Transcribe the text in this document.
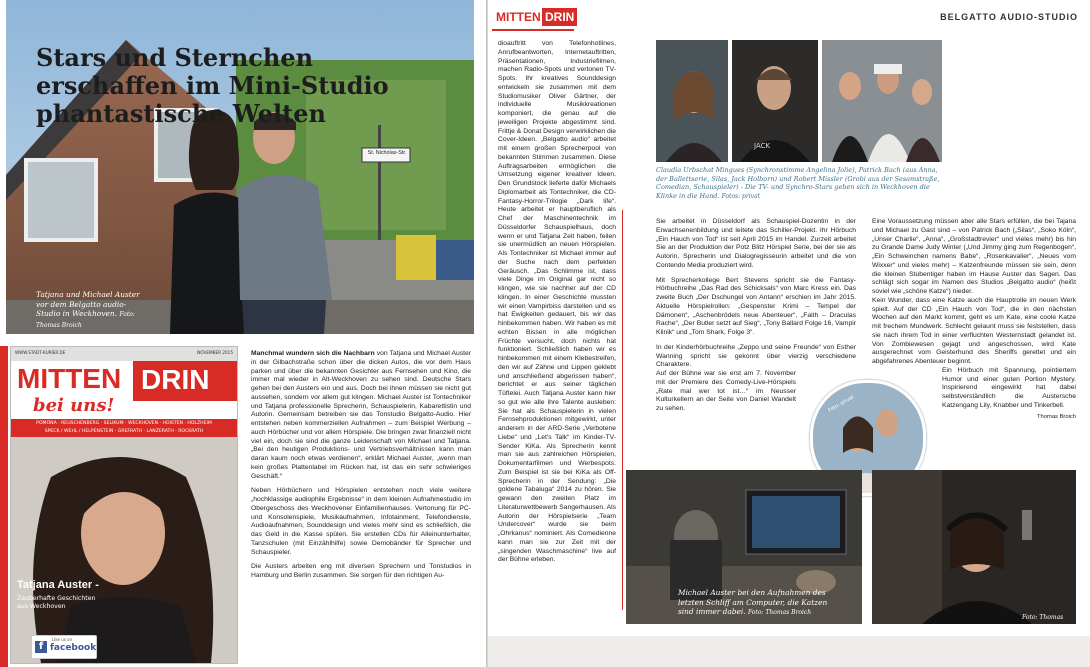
St. Nicholas-Str.
Stars und Sternchen erschaffen im Mini-Studio phantastische Welten
Tatjana und Michael Auster vor dem Belgatto audio-Studio in Weckhoven. Foto: Thomas Broich
WWW.STADT-KURIER.DE	NOVEMBER 2015
MITTEN DRIN
bei uns!
POMONA · REUSCHENBERG · SELIKUM · WECKHOVEN · HOISTEN · HOLZHEIM
SPECK / WEHL / HELPENSTEIN · GREFRATH · LANZERATH · ROCKRATH
Tatjana Auster -
Zauberhafte Geschichten aus Weckhoven
Like us on
f facebook

Manchmal wundern sich die Nachbarn von Tatjana und Michael Auster in der Gilbachstraße schon über die dicken Autos, die vor dem Haus parken und über die bekannten Gesichter aus Fernsehen und Kino, die immer mal wieder in Alt-Weckhoven zu sehen sind. Deutsche Stars gehen bei den Austers ein und aus. Doch bei ihnen müssen sie nicht gut aussehen, sondern vor allem gut klingen. Michael Auster ist Tontechniker und Tatjana professionelle Sprecherin, Schauspielerin, Kabarettistin und Autorin. Gemeinsam betreiben sie das Tonstudio Belgatto-Audio. Hier entstehen neben kommerziellen Aufnahmen – zum Beispiel Werbung – auch Hörbücher und vor allem Hörspiele. Die bringen zwar finanziell nicht viel ein, doch sie sind die ganze Leidenschaft von Michael und Tatjana. „Bei den heutigen Produktions- und Vertriebsverhältnissen kann man daran kaum noch etwas verdienen“, erklärt Michael Auster, „wenn man kein großes Plattenlabel im Rücken hat, ist das ein sehr schwieriges Geschäft.“

Neben Hörbüchern und Hörspielen entstehen noch viele weitere „hochklassige audiophile Ergebnisse“ in dem kleinen Aufnahmestudio im Obergeschoss des Weckhovener Einfamilienhauses. Vertonung für PC- und Konsolenspiele, Musikaufnahmen, Infotainment, Telefondienste, Audioaufnahmen, Sounddesign und vieles mehr sind es schließlich, die das Geld in die Kasse spülen. Sie erstellen CDs für Alleinunterhalter, Tanzschulen (mit Einzählhilfe) sowie Demobänder für Sprecher und Schauspieler.

Die Austers arbeiten eng mit diversen Sprechern und Tonstudios in Hamburg und Berlin zusammen. Sie sorgen für den richtigen Au-

MITTEN DRIN
dioauftritt von Telefonhotlines, Anrufbeantworten, Internetauftritten, Präsentationen, Industriefilmen, machen Radio-Spots und vertonen TV-Spots. Ihr kreatives Sounddesign entwickeln sie zusammen mit dem Studiomusiker Oliver Gärtner, der individuelle Musikkreationen komponiert, die genau auf die jeweiligen Projekte abgestimmt sind. Frittje & Donat Design verwirklichen die Cover-Ideen. „Belgatto audio“ arbeitet mit einem großen Sprecherpool von bekannten Stimmen zusammen. Diese Auftragsarbeiten ermöglichen die Umsetzung eigener kreativer Ideen. Den Grundstock lieferte dafür Michaels Diplomarbeit als Tontechniker, die CD-Fantasy-Horror-Trilogie „Dark life“. Heute arbeitet er hauptberuflich als Chef der Maschinentechnik im Düsseldorfer Schauspielhaus, doch wenn er und Tatjana Zeit haben, feilen sie unermüdlich an neuen Hörspielen. Als Tontechniker ist Michael immer auf der Suche nach dem perfekten Geräusch. „Das Schlimme ist, dass viele Dinge im Original gar nicht so klingen, wie sie nachher auf der CD klingen. In einer Geschichte mussten wir einen Vampirbiss darstellen und es hat Ewigkeiten gedauert, bis wir das hinbekommen haben. Wir haben es mit echten Bissen in alle möglichen Früchte versucht, doch nichts hat funktioniert. Schließlich haben wir es hinbekommen mit einem Klebestreifen, den wir auf Zähne und Lippen geklebt und anschließend abgerissen haben“, berichtet er aus seiner täglichen Tüftelei. Auch Tatjana Auster kann hier so gut wie alle ihre Talente ausleben: Sie hat als Schauspielerin in vielen Fernsehproduktionen mitgewirkt, unter anderem in der ARD-Serie „Verbotene Liebe“ und „Let's Talk“ im Kinder-TV-Sender KiKa. Als Sprecherin kennt man sie aus zahlreichen Hörspielen, Dokumentarfilmen und Werbespots. Zum Beispiel ist sie bei KiKa als Off-Sprecherin in der Sendung: „Die goldene Tabaluga“ 2014 zu hören. Sie gewann den zweiten Platz im Literaturwettbewerb Sangerhausen. Als Autorin der Hörspielserie „Team Undercover“ wurde sie beim „Ohrkanus“ nominiert. Als Comedienne kann man sie zur Zeit mit der „singenden Waschmaschine“ live auf der Bühne erleben.
BELGATTO AUDIO-STUDIO
JACK
Claudia Urbschat Mingues (Synchronstimme Angelina Jolie), Patrick Bach (aus Anna, der Ballettserie, Silas, Jack Holborn) und Robert Missler (Grobi aus der Sesamstraße, Comedian, Schauspieler) - Die TV- und Synchro-Stars geben sich in Weckhoven die Klinke in die Hand. Fotos: privat

Sie arbeitet in Düsseldorf als Schauspiel-Dozentin in der Erwachsenenbildung und leitete das Schiller-Projekt. Ihr Hörbuch „Ein Hauch von Tod“ ist seit April 2015 im Handel. Zurzeit arbeitet Sie an der Produktion der Potz Blitz Hörspiel Serie, bei der sie als Autorin, Sprecherin und Dialogregisseurin arbeitet und die von Contendo Media produziert wird.

Mit Sprecherkollege Bert Stevens spricht sie die Fantasy-Hörbuchreihe „Das Rad des Schicksals“ von Marc Kress ein. Das zweite Buch „Der Dschungel von Antann“ erschien im Jahr 2015. Aktuelle Hörspielrollen: „Gespenster Krimi – Tempel der Dämonen“, „Aschenbrödels neue Abenteuer“, „Faith – Draculas Rache“, „Der Butler setzt auf Sieg“, „Tony Ballard Folge 16, Vampir Klinik“ und „Tom Shark, Folge 3“.

In der Kinderhörbuchreihe „Zeppo und seine Freunde“ von Esther Wanning spricht sie gekonnt über vierzig verschiedene Charaktere.

Auf der Bühne war sie erst am 7. November mit der Premiere des Comedy-Live-Hörspiels „Rate mal wer tot ist…“ im Neusser Kulturkellern an der Seite von Daniel Wandelt zu sehen.

Eine Voraussetzung müssen aber alle Stars erfüllen, die bei Tajana und Michael zu Gast sind – von Patrick Bach („Silas“, „Soko Köln“, „Unser Charlie“, „Anna“, „Großstadtrevier“ und vieles mehr) bis hin zu Grande Dame Judy Winter („Und Jimmy ging zum Regenbogen“, „Ein Schweinchen namens Babe“, „Rosenkavalier“, „Neues vom Wixxer“ und vieles mehr) – Katzenfreunde müssen sie sein, denn die kleinen Stubentiger haben im Hause Auster das Sagen. Das schlägt sich sogar im Namen des Studios „Belgatto audio“ (heißt soviel wie „schöne Katze“) nieder.

Kein Wunder, dass eine Katze auch die Hauptrolle im neuen Werk spielt. Auf der CD „Ein Hauch von Tod“, die in den nächsten Wochen auf den Markt kommt, geht es um Kate, eine coole Katze mit frechem Mundwerk. Schlecht gelaunt muss sie feststellen, dass sie nach ihrem Tod in einer verfluchten Westernstadt gelandet ist. Von Zombiewesen gejagt und angeschossen, wird Kate ausgerechnet vom Geisterhund des Sheriffs gerettet und ein abgefahrenes Abenteuer beginnt.

Ein Hörbuch mit Spannung, pointiertem Humor und einer guten Portion Mystery. Inspirierend eingewirkt hat dabei selbstverständlich die Austersche Katzengang Lily, Knabber und Tinkerbell.

Thomas Broich
Foto: privat
Michael Auster bei den Aufnahmen des letzten Schliff am Computer, die Katzen sind immer dabei. Foto: Thomas Broich
Foto: Thomas Broich
